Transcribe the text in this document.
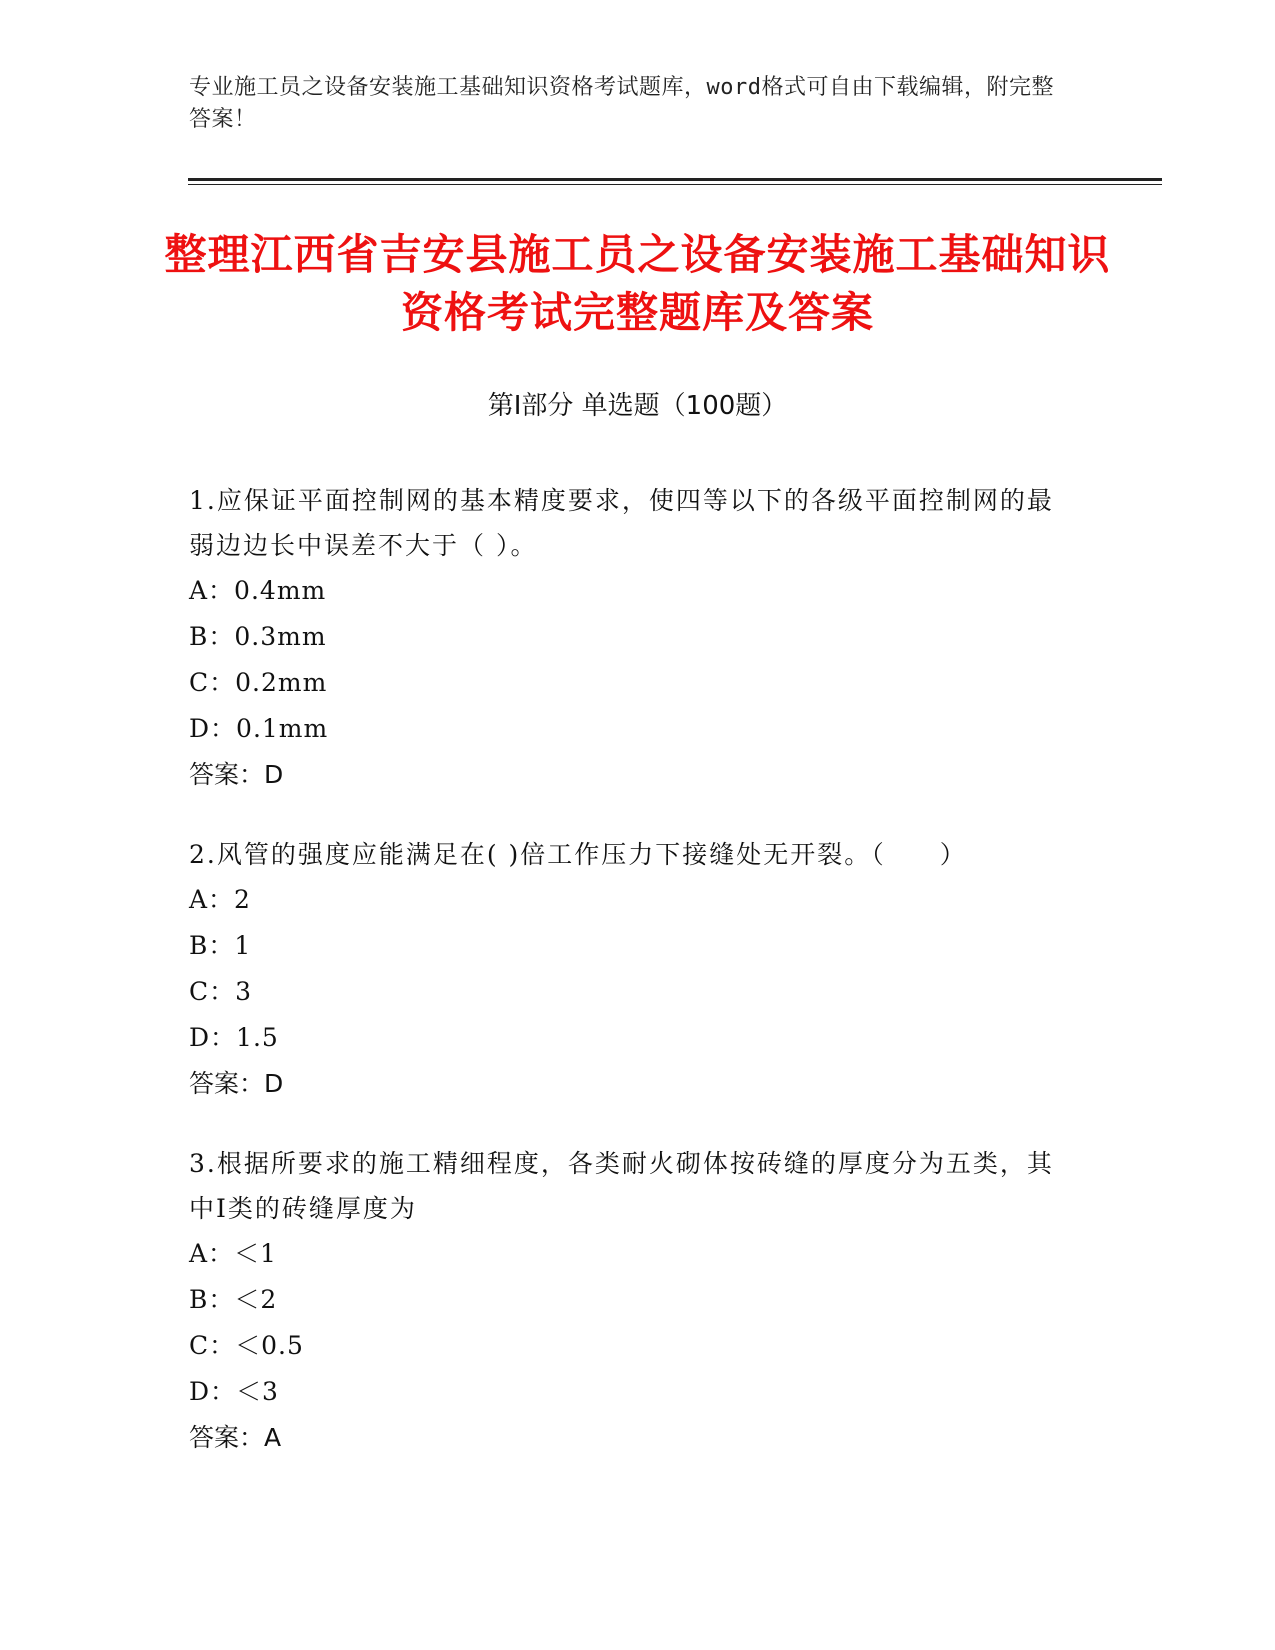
专业施工员之设备安装施工基础知识资格考试题库，word格式可自由下载编辑，附完整答案！
整理江西省吉安县施工员之设备安装施工基础知识资格考试完整题库及答案
第Ⅰ部分 单选题（100题）
1.应保证平面控制网的基本精度要求，使四等以下的各级平面控制网的最弱边边长中误差不大于（ ）。
A：0.4mm
B：0.3mm
C：0.2mm
D：0.1mm
答案：D
2.风管的强度应能满足在( )倍工作压力下接缝处无开裂。（　　）
A：2
B：1
C：3
D：1.5
答案：D
3.根据所要求的施工精细程度，各类耐火砌体按砖缝的厚度分为五类，其中Ⅰ类的砖缝厚度为
A：＜1
B：＜2
C：＜0.5
D：＜3
答案：A
